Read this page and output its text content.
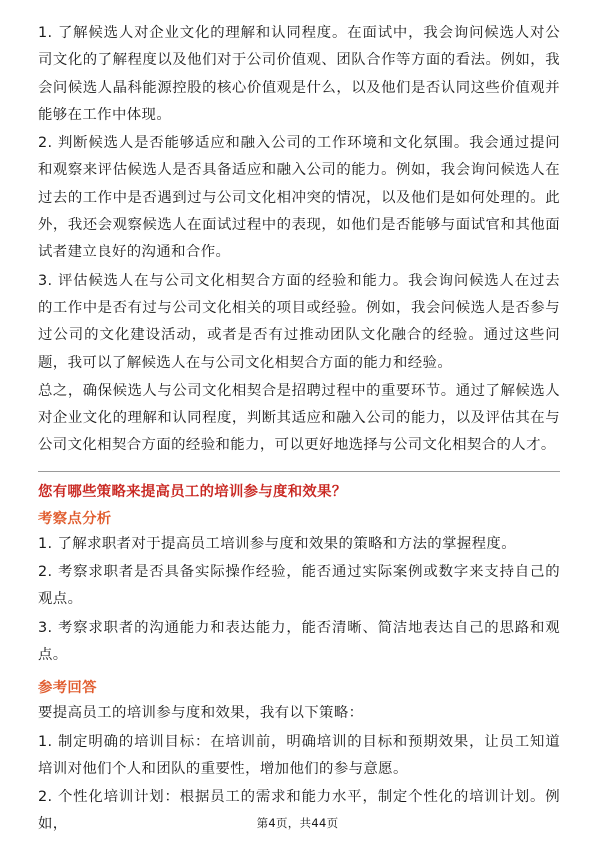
1. 了解候选人对企业文化的理解和认同程度。在面试中，我会询问候选人对公司文化的了解程度以及他们对于公司价值观、团队合作等方面的看法。例如，我会问候选人晶科能源控股的核心价值观是什么，以及他们是否认同这些价值观并能够在工作中体现。

2. 判断候选人是否能够适应和融入公司的工作环境和文化氛围。我会通过提问和观察来评估候选人是否具备适应和融入公司的能力。例如，我会询问候选人在过去的工作中是否遇到过与公司文化相冲突的情况，以及他们是如何处理的。此外，我还会观察候选人在面试过程中的表现，如他们是否能够与面试官和其他面试者建立良好的沟通和合作。

3. 评估候选人在与公司文化相契合方面的经验和能力。我会询问候选人在过去的工作中是否有过与公司文化相关的项目或经验。例如，我会问候选人是否参与过公司的文化建设活动，或者是否有过推动团队文化融合的经验。通过这些问题，我可以了解候选人在与公司文化相契合方面的能力和经验。

总之，确保候选人与公司文化相契合是招聘过程中的重要环节。通过了解候选人对企业文化的理解和认同程度，判断其适应和融入公司的能力，以及评估其在与公司文化相契合方面的经验和能力，可以更好地选择与公司文化相契合的人才。

您有哪些策略来提高员工的培训参与度和效果？
考察点分析

1. 了解求职者对于提高员工培训参与度和效果的策略和方法的掌握程度。

2. 考察求职者是否具备实际操作经验，能否通过实际案例或数字来支持自己的观点。

3. 考察求职者的沟通能力和表达能力，能否清晰、简洁地表达自己的思路和观点。

参考回答

要提高员工的培训参与度和效果，我有以下策略：

1. 制定明确的培训目标：在培训前，明确培训的目标和预期效果，让员工知道培训对他们个人和团队的重要性，增加他们的参与意愿。

2. 个性化培训计划：根据员工的需求和能力水平，制定个性化的培训计划。例如，	第4页，共44页
